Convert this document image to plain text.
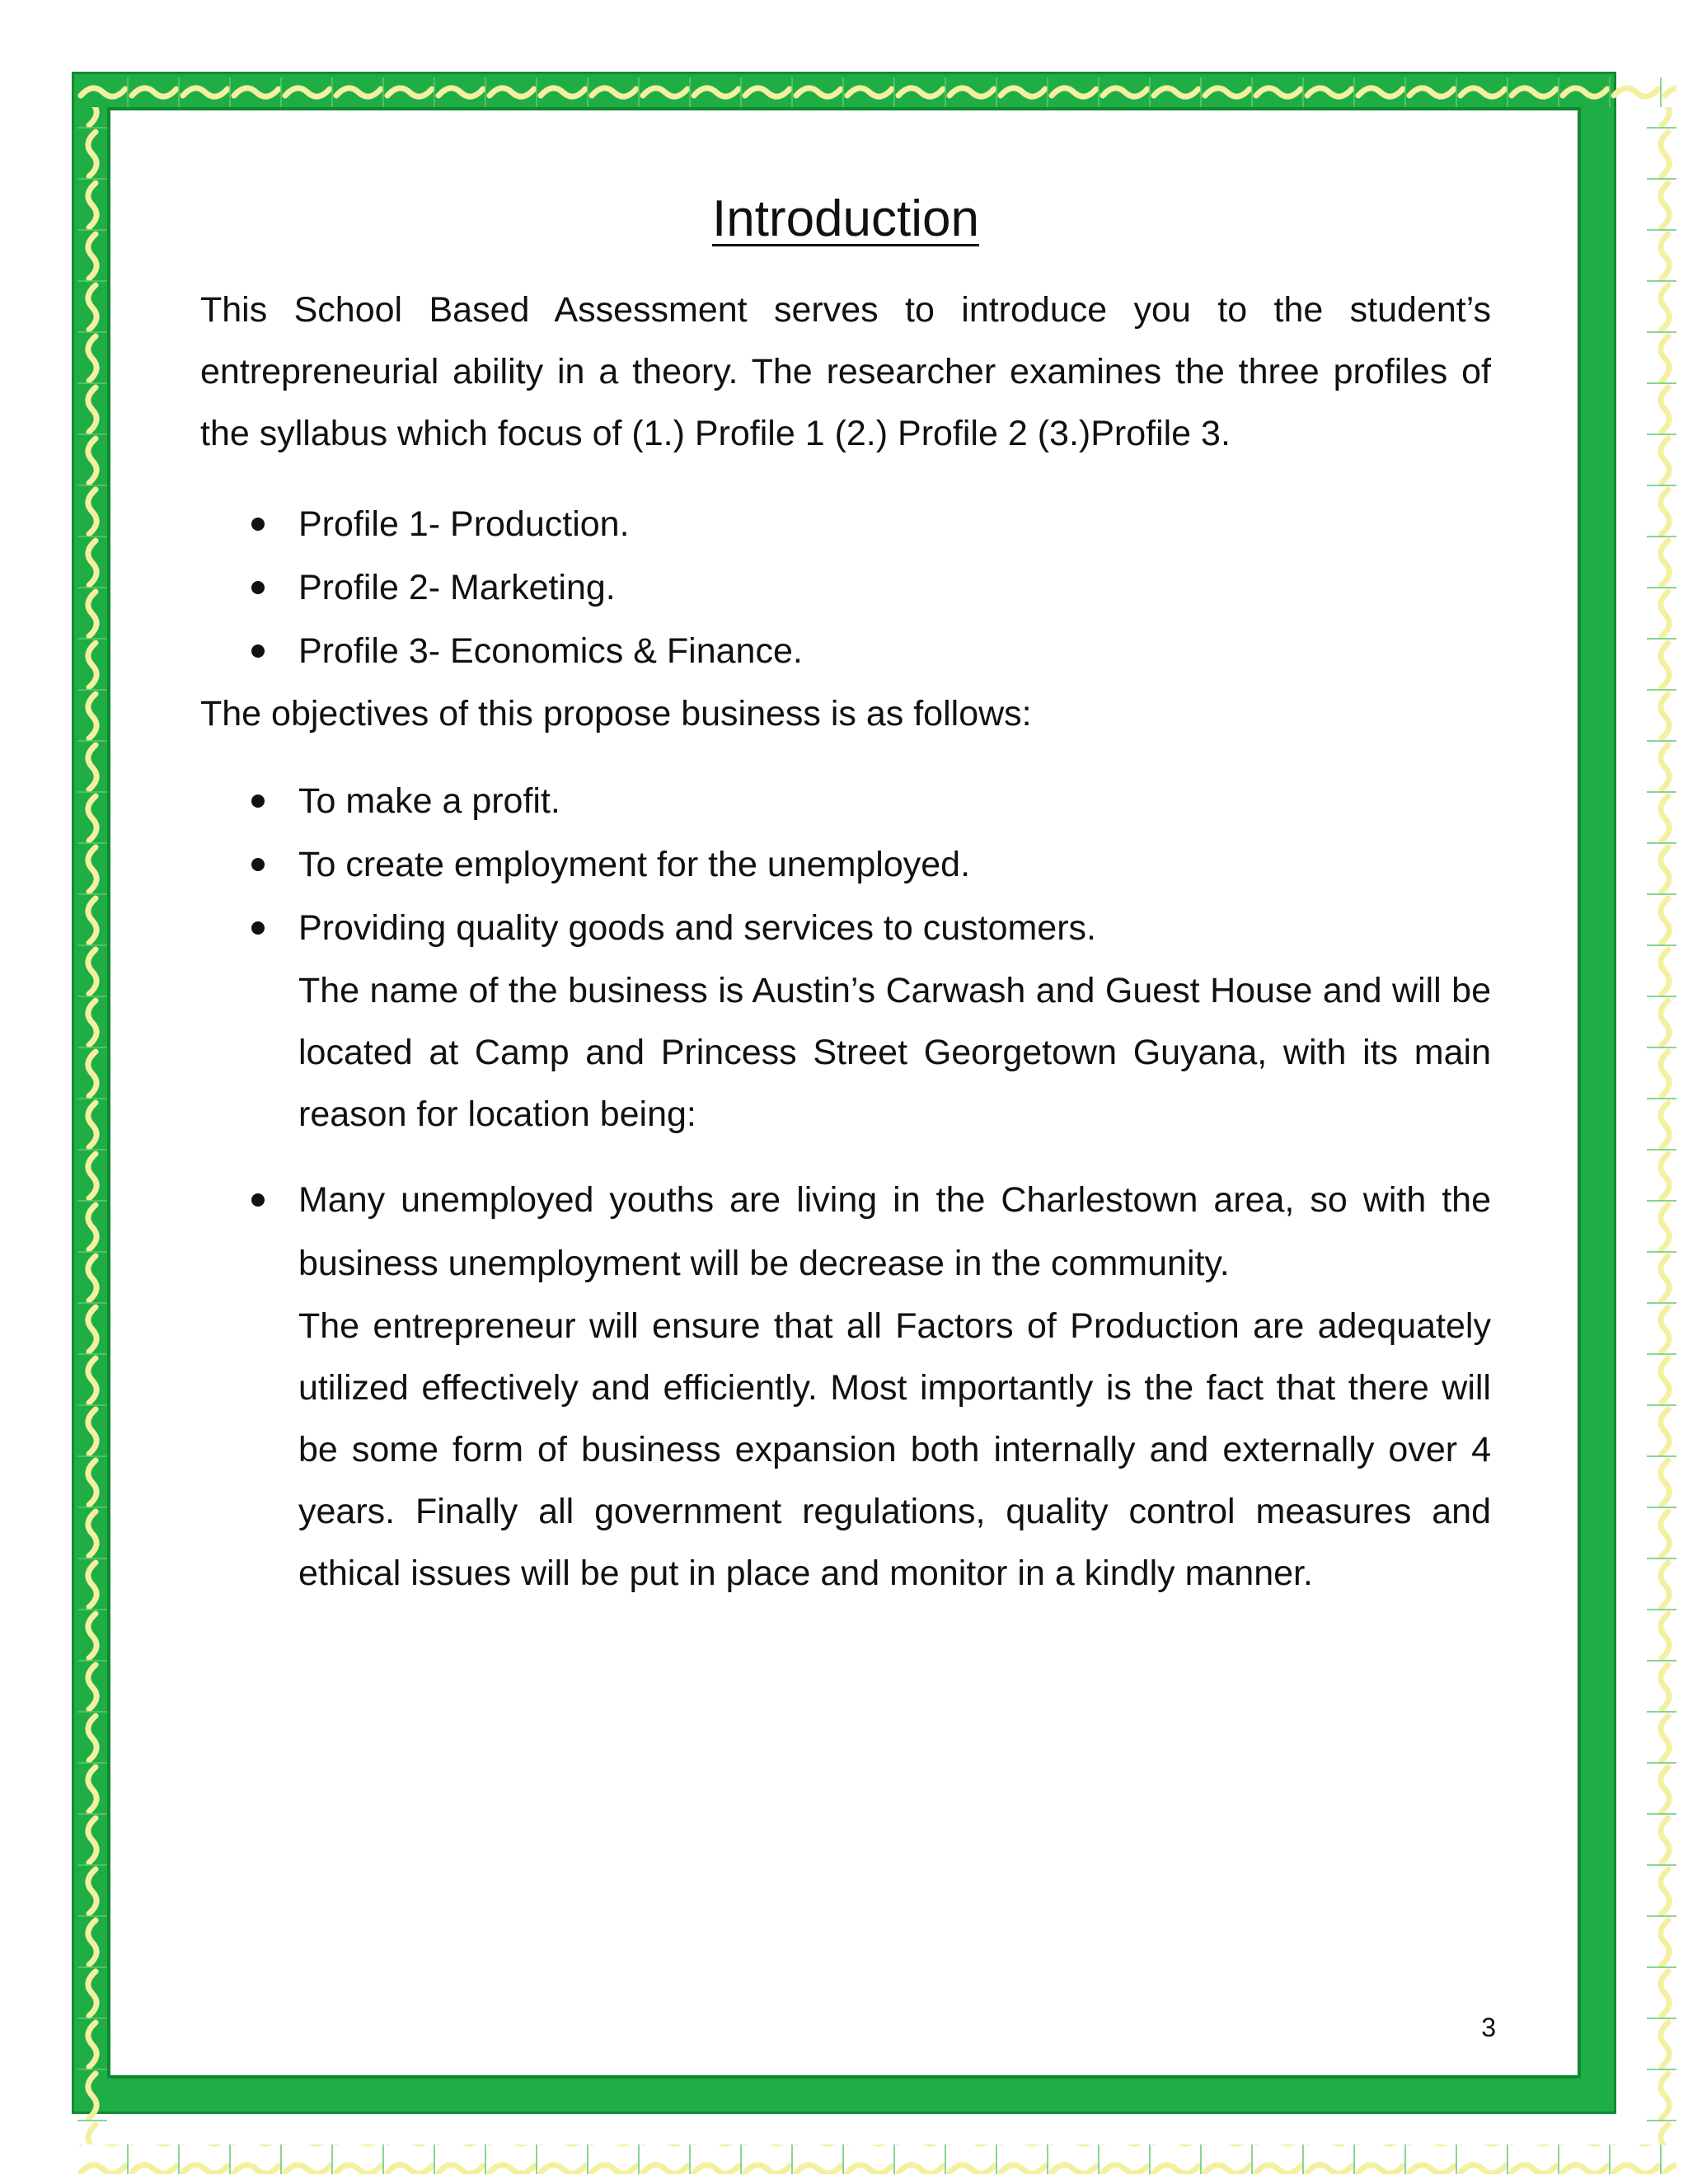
Introduction

This School Based Assessment serves to introduce you to the student’s entrepreneurial ability in a theory. The researcher examines the three profiles of the syllabus which focus of (1.) Profile 1 (2.) Profile 2 (3.)Profile 3.

Profile 1- Production.
Profile 2- Marketing.
Profile 3- Economics & Finance.

The objectives of this propose business is as follows:

To make a profit.
To create employment for the unemployed.
Providing quality goods and services to customers.

The name of the business is Austin’s Carwash and Guest House and will be located at Camp and Princess Street Georgetown Guyana, with its main reason for location being:

Many unemployed youths are living in the Charlestown area, so with the business unemployment will be decrease in the community.

The entrepreneur will ensure that all Factors of Production are adequately utilized effectively and efficiently. Most importantly is the fact that there will be some form of business expansion both internally and externally over 4 years. Finally all government regulations, quality control measures and ethical issues will be put in place and monitor in a kindly manner.

3
